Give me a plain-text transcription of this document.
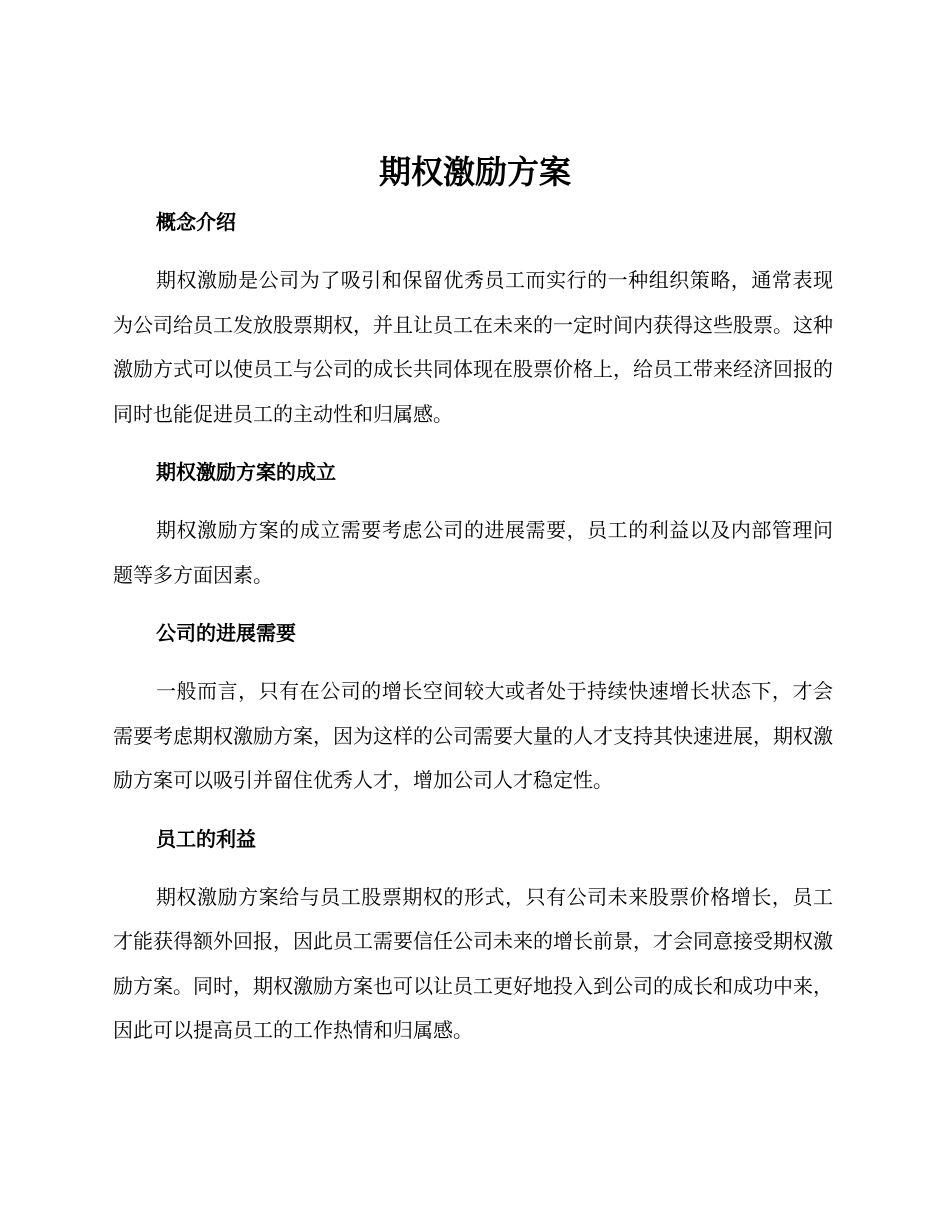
期权激励方案
概念介绍

期权激励是公司为了吸引和保留优秀员工而实行的一种组织策略，通常表现为公司给员工发放股票期权，并且让员工在未来的一定时间内获得这些股票。这种激励方式可以使员工与公司的成长共同体现在股票价格上，给员工带来经济回报的同时也能促进员工的主动性和归属感。

期权激励方案的成立

期权激励方案的成立需要考虑公司的进展需要，员工的利益以及内部管理问题等多方面因素。

公司的进展需要

一般而言，只有在公司的增长空间较大或者处于持续快速增长状态下，才会需要考虑期权激励方案，因为这样的公司需要大量的人才支持其快速进展，期权激励方案可以吸引并留住优秀人才，增加公司人才稳定性。

员工的利益

期权激励方案给与员工股票期权的形式，只有公司未来股票价格增长，员工才能获得额外回报，因此员工需要信任公司未来的增长前景，才会同意接受期权激励方案。同时，期权激励方案也可以让员工更好地投入到公司的成长和成功中来，因此可以提高员工的工作热情和归属感。
